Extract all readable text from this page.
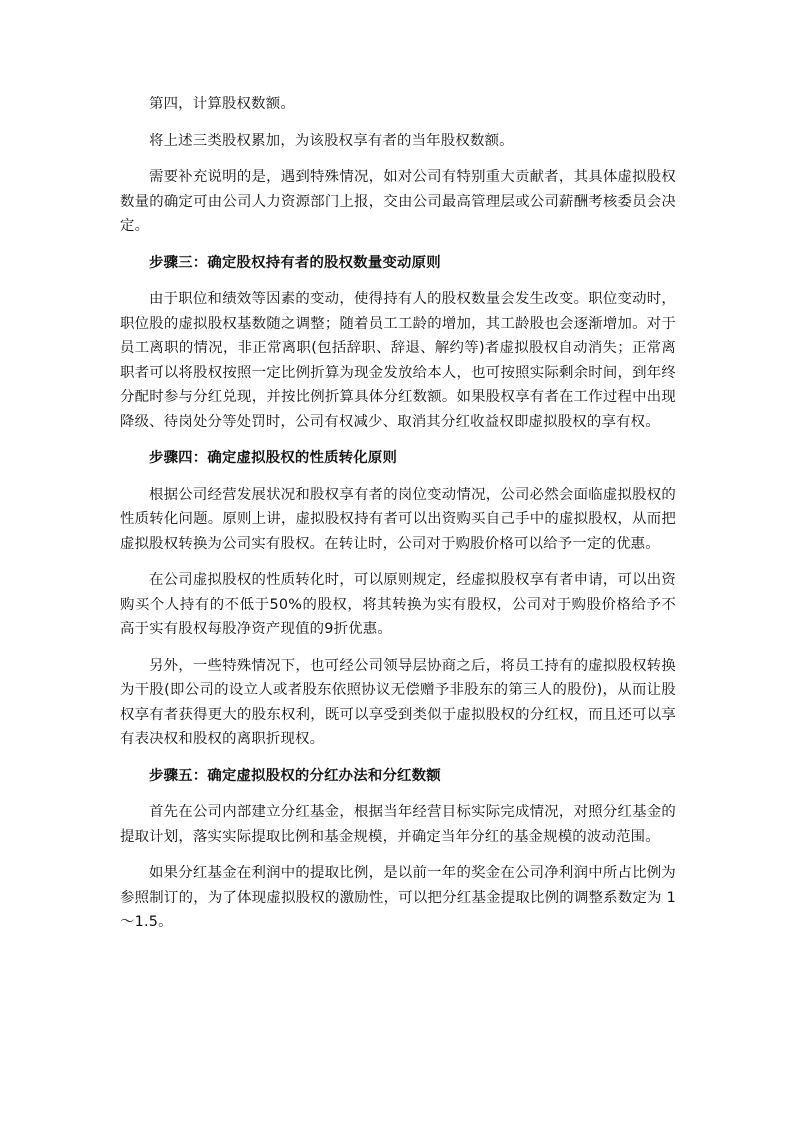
第四，计算股权数额。

将上述三类股权累加，为该股权享有者的当年股权数额。

需要补充说明的是，遇到特殊情况，如对公司有特别重大贡献者，其具体虚拟股权数量的确定可由公司人力资源部门上报，交由公司最高管理层或公司薪酬考核委员会决定。

步骤三：确定股权持有者的股权数量变动原则

由于职位和绩效等因素的变动，使得持有人的股权数量会发生改变。职位变动时，职位股的虚拟股权基数随之调整；随着员工工龄的增加，其工龄股也会逐渐增加。对于员工离职的情况，非正常离职(包括辞职、辞退、解约等)者虚拟股权自动消失；正常离职者可以将股权按照一定比例折算为现金发放给本人，也可按照实际剩余时间，到年终分配时参与分红兑现，并按比例折算具体分红数额。如果股权享有者在工作过程中出现降级、待岗处分等处罚时，公司有权减少、取消其分红收益权即虚拟股权的享有权。

步骤四：确定虚拟股权的性质转化原则

根据公司经营发展状况和股权享有者的岗位变动情况，公司必然会面临虚拟股权的性质转化问题。原则上讲，虚拟股权持有者可以出资购买自己手中的虚拟股权，从而把虚拟股权转换为公司实有股权。在转让时，公司对于购股价格可以给予一定的优惠。

在公司虚拟股权的性质转化时，可以原则规定，经虚拟股权享有者申请，可以出资购买个人持有的不低于50%的股权，将其转换为实有股权，公司对于购股价格给予不高于实有股权每股净资产现值的9折优惠。

另外，一些特殊情况下，也可经公司领导层协商之后，将员工持有的虚拟股权转换为干股(即公司的设立人或者股东依照协议无偿赠予非股东的第三人的股份)，从而让股权享有者获得更大的股东权利，既可以享受到类似于虚拟股权的分红权，而且还可以享有表决权和股权的离职折现权。

步骤五：确定虚拟股权的分红办法和分红数额

首先在公司内部建立分红基金，根据当年经营目标实际完成情况，对照分红基金的提取计划，落实实际提取比例和基金规模，并确定当年分红的基金规模的波动范围。

如果分红基金在利润中的提取比例，是以前一年的奖金在公司净利润中所占比例为参照制订的，为了体现虚拟股权的激励性，可以把分红基金提取比例的调整系数定为 1～1.5。
